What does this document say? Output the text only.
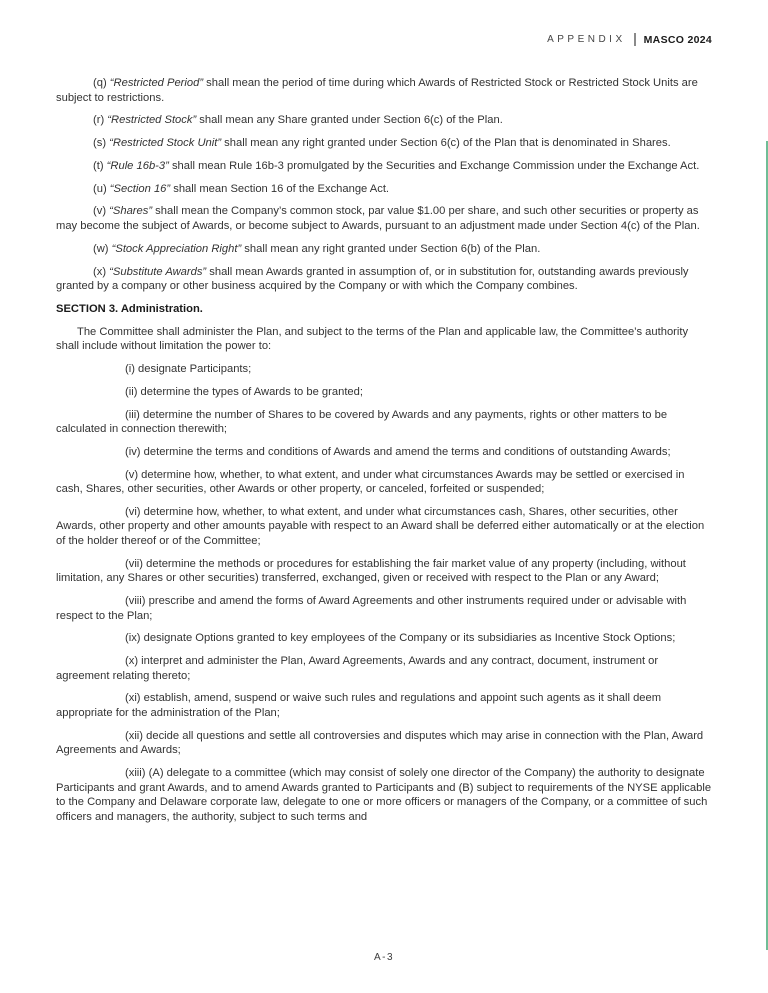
APPENDIX MASCO 2024

(q) “Restricted Period” shall mean the period of time during which Awards of Restricted Stock or Restricted Stock Units are subject to restrictions.

(r) “Restricted Stock” shall mean any Share granted under Section 6(c) of the Plan.

(s) “Restricted Stock Unit” shall mean any right granted under Section 6(c) of the Plan that is denominated in Shares.

(t) “Rule 16b-3” shall mean Rule 16b-3 promulgated by the Securities and Exchange Commission under the Exchange Act.

(u) “Section 16” shall mean Section 16 of the Exchange Act.

(v) “Shares” shall mean the Company’s common stock, par value $1.00 per share, and such other securities or property as may become the subject of Awards, or become subject to Awards, pursuant to an adjustment made under Section 4(c) of the Plan.

(w) “Stock Appreciation Right” shall mean any right granted under Section 6(b) of the Plan.

(x) “Substitute Awards” shall mean Awards granted in assumption of, or in substitution for, outstanding awards previously granted by a company or other business acquired by the Company or with which the Company combines.

SECTION 3. Administration.

The Committee shall administer the Plan, and subject to the terms of the Plan and applicable law, the Committee’s authority shall include without limitation the power to:

(i) designate Participants;

(ii) determine the types of Awards to be granted;

(iii) determine the number of Shares to be covered by Awards and any payments, rights or other matters to be calculated in connection therewith;

(iv) determine the terms and conditions of Awards and amend the terms and conditions of outstanding Awards;

(v) determine how, whether, to what extent, and under what circumstances Awards may be settled or exercised in cash, Shares, other securities, other Awards or other property, or canceled, forfeited or suspended;

(vi) determine how, whether, to what extent, and under what circumstances cash, Shares, other securities, other Awards, other property and other amounts payable with respect to an Award shall be deferred either automatically or at the election of the holder thereof or of the Committee;

(vii) determine the methods or procedures for establishing the fair market value of any property (including, without limitation, any Shares or other securities) transferred, exchanged, given or received with respect to the Plan or any Award;

(viii) prescribe and amend the forms of Award Agreements and other instruments required under or advisable with respect to the Plan;

(ix) designate Options granted to key employees of the Company or its subsidiaries as Incentive Stock Options;

(x) interpret and administer the Plan, Award Agreements, Awards and any contract, document, instrument or agreement relating thereto;

(xi) establish, amend, suspend or waive such rules and regulations and appoint such agents as it shall deem appropriate for the administration of the Plan;

(xii) decide all questions and settle all controversies and disputes which may arise in connection with the Plan, Award Agreements and Awards;

(xiii) (A) delegate to a committee (which may consist of solely one director of the Company) the authority to designate Participants and grant Awards, and to amend Awards granted to Participants and (B) subject to requirements of the NYSE applicable to the Company and Delaware corporate law, delegate to one or more officers or managers of the Company, or a committee of such officers and managers, the authority, subject to such terms and

A-3
